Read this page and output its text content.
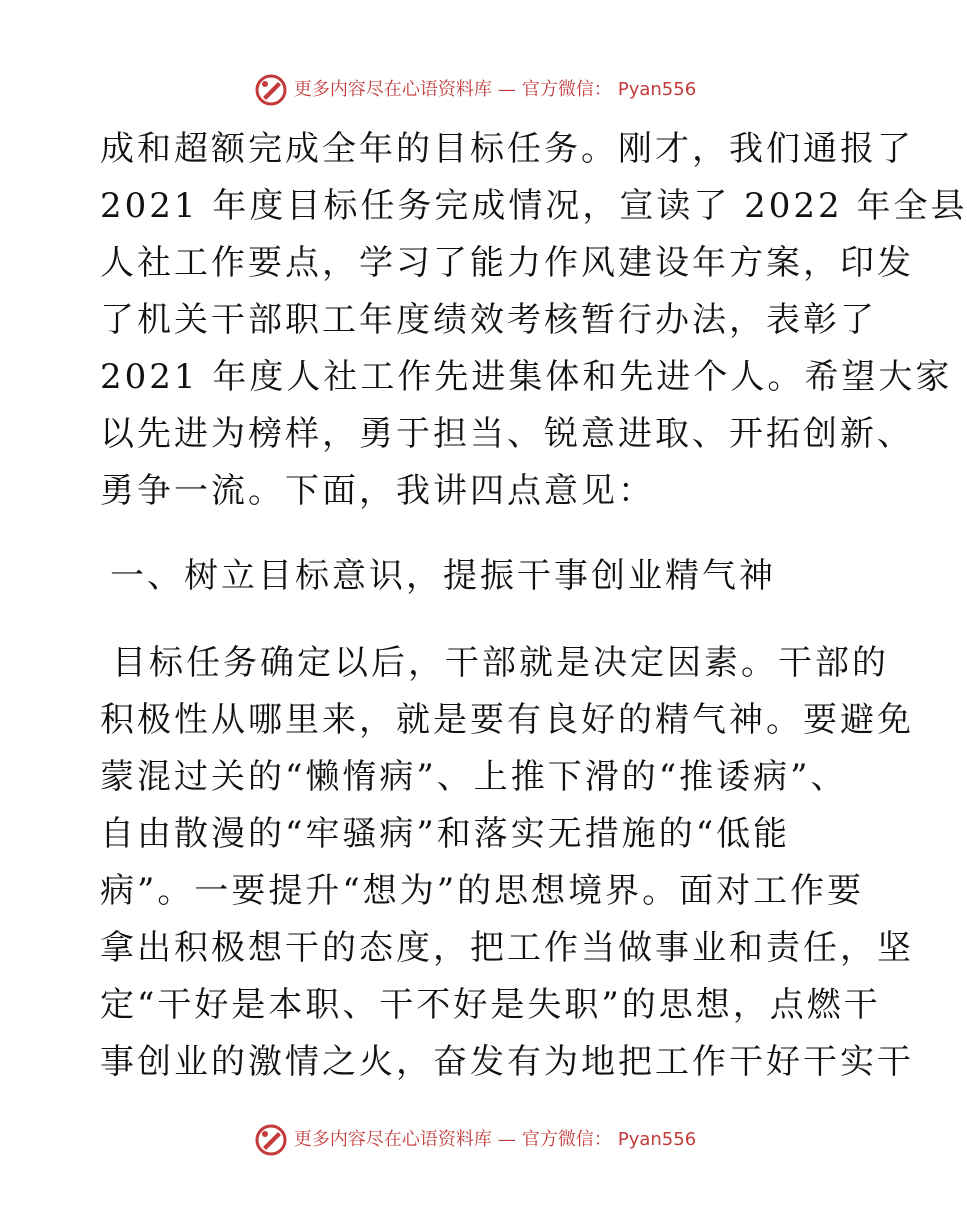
更多内容尽在心语资料库 — 官方微信： Pyan556
成和超额完成全年的目标任务。刚才，我们通报了
2021 年度目标任务完成情况，宣读了 2022 年全县
人社工作要点，学习了能力作风建设年方案，印发
了机关干部职工年度绩效考核暂行办法，表彰了
2021 年度人社工作先进集体和先进个人。希望大家
以先进为榜样，勇于担当、锐意进取、开拓创新、
勇争一流。下面，我讲四点意见：
一、树立目标意识，提振干事创业精气神
目标任务确定以后，干部就是决定因素。干部的
积极性从哪里来，就是要有良好的精气神。要避免
蒙混过关的“懒惰病”、上推下滑的“推诿病”、
自由散漫的“牢骚病”和落实无措施的“低能
病”。一要提升“想为”的思想境界。面对工作要
拿出积极想干的态度，把工作当做事业和责任，坚
定“干好是本职、干不好是失职”的思想，点燃干
事创业的激情之火，奋发有为地把工作干好干实干
更多内容尽在心语资料库 — 官方微信： Pyan556
